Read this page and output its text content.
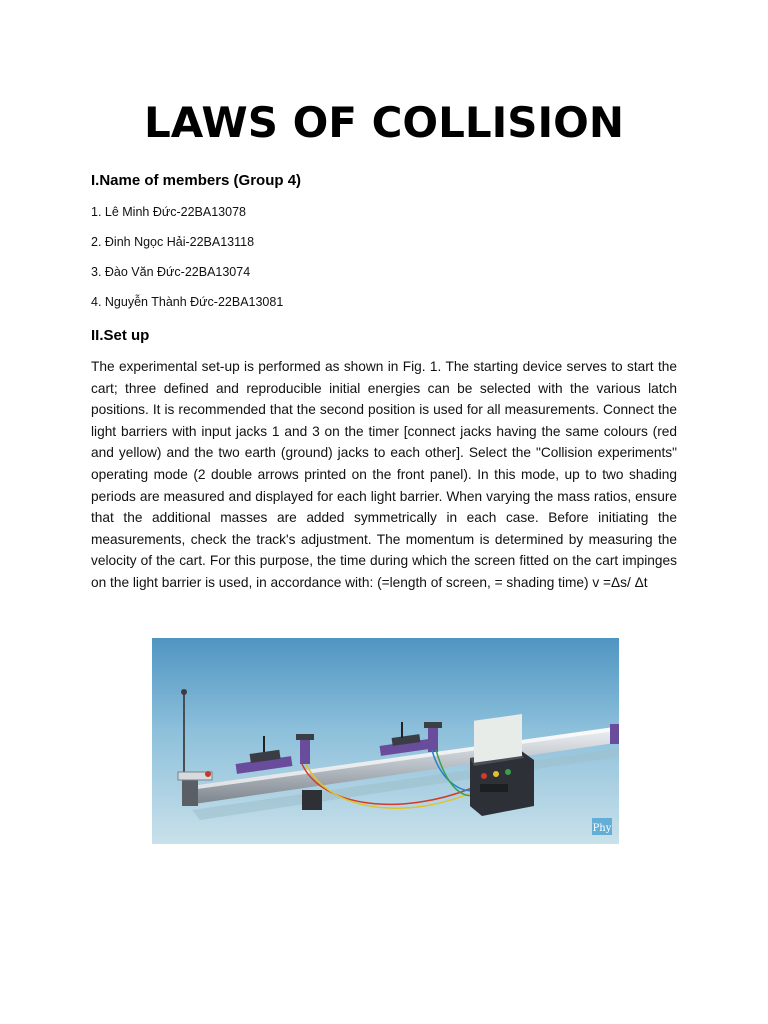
LAWS OF COLLISION
I.Name of members (Group 4)
1. Lê Minh Đức-22BA13078
2. Đinh Ngọc Hải-22BA13118
3. Đào Văn Đức-22BA13074
4. Nguyễn Thành Đức-22BA13081
II.Set up
The experimental set-up is performed as shown in Fig. 1. The starting device serves to start the cart; three defined and reproducible initial energies can be selected with the various latch positions. It is recommended that the second position is used for all measurements. Connect the light barriers with input jacks 1 and 3 on the timer [connect jacks having the same colours (red and yellow) and the two earth (ground) jacks to each other]. Select the "Collision experiments" operating mode (2 double arrows printed on the front panel). In this mode, up to two shading periods are measured and displayed for each light barrier. When varying the mass ratios, ensure that the additional masses are added symmetrically in each case. Before initiating the measurements, check the track's adjustment. The momentum is determined by measuring the velocity of the cart. For this purpose, the time during which the screen fitted on the cart impinges on the light barrier is used, in accordance with: (=length of screen, = shading time) v =Δs/ Δt
Phy
